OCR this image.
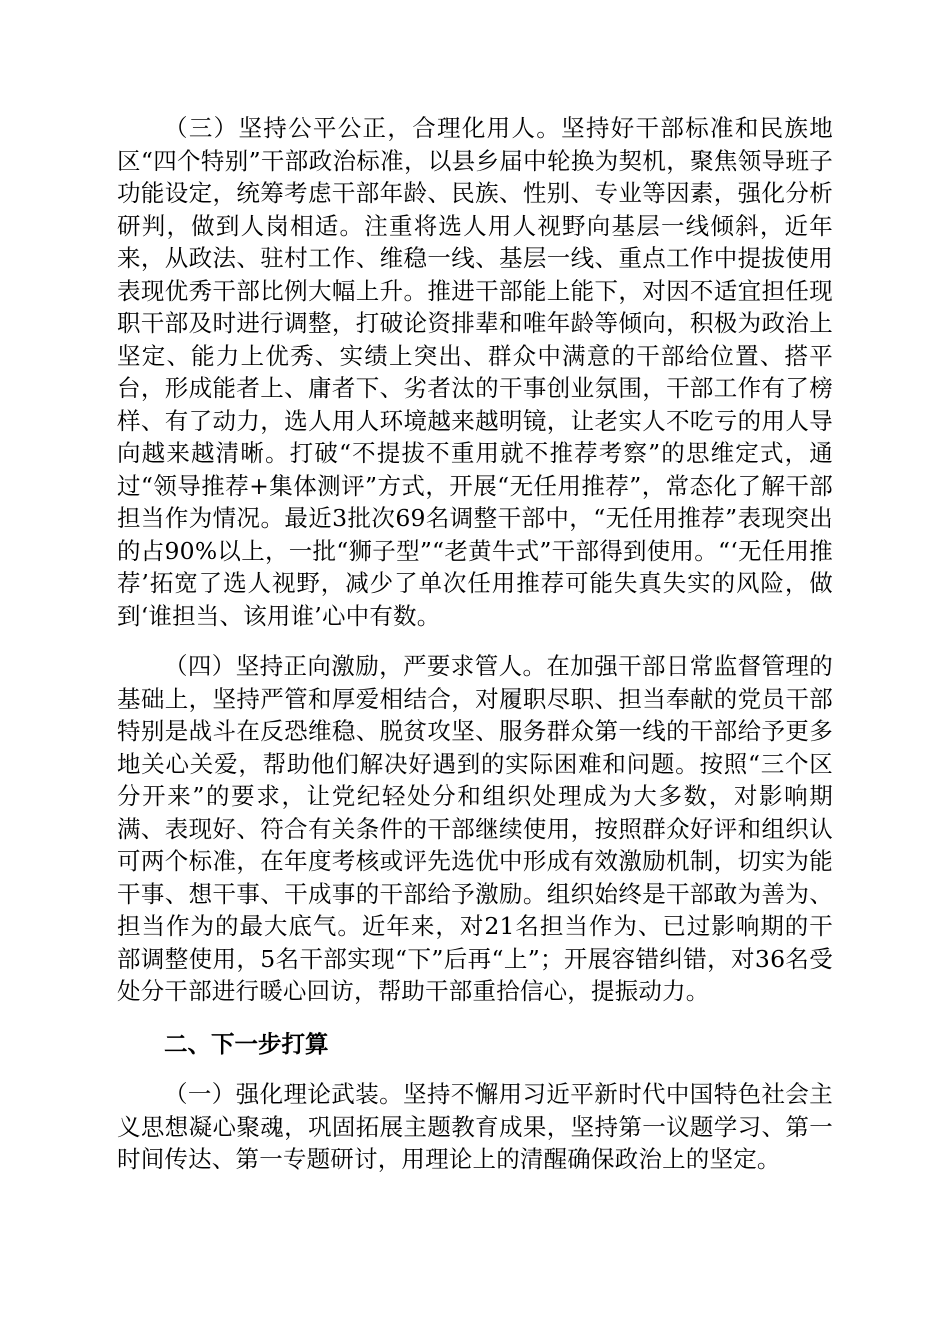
（三）坚持公平公正，合理化用人。坚持好干部标准和民族地区“四个特别”干部政治标准，以县乡届中轮换为契机，聚焦领导班子功能设定，统筹考虑干部年龄、民族、性别、专业等因素，强化分析研判，做到人岗相适。注重将选人用人视野向基层一线倾斜，近年来，从政法、驻村工作、维稳一线、基层一线、重点工作中提拔使用表现优秀干部比例大幅上升。推进干部能上能下，对因不适宜担任现职干部及时进行调整，打破论资排辈和唯年龄等倾向，积极为政治上坚定、能力上优秀、实绩上突出、群众中满意的干部给位置、搭平台，形成能者上、庸者下、劣者汰的干事创业氛围，干部工作有了榜样、有了动力，选人用人环境越来越明镜，让老实人不吃亏的用人导向越来越清晰。打破“不提拔不重用就不推荐考察”的思维定式，通过“领导推荐+集体测评”方式，开展“无任用推荐”，常态化了解干部担当作为情况。最近3批次69名调整干部中，“无任用推荐”表现突出的占90%以上，一批“狮子型”“老黄牛式”干部得到使用。“‘无任用推荐’拓宽了选人视野，减少了单次任用推荐可能失真失实的风险，做到‘谁担当、该用谁’心中有数。

（四）坚持正向激励，严要求管人。在加强干部日常监督管理的基础上，坚持严管和厚爱相结合，对履职尽职、担当奉献的党员干部特别是战斗在反恐维稳、脱贫攻坚、服务群众第一线的干部给予更多地关心关爱，帮助他们解决好遇到的实际困难和问题。按照“三个区分开来”的要求，让党纪轻处分和组织处理成为大多数，对影响期满、表现好、符合有关条件的干部继续使用，按照群众好评和组织认可两个标准，在年度考核或评先选优中形成有效激励机制，切实为能干事、想干事、干成事的干部给予激励。组织始终是干部敢为善为、担当作为的最大底气。近年来，对21名担当作为、已过影响期的干部调整使用，5名干部实现“下”后再“上”；开展容错纠错，对36名受处分干部进行暖心回访，帮助干部重拾信心，提振动力。

二、下一步打算

（一）强化理论武装。坚持不懈用习近平新时代中国特色社会主义思想凝心聚魂，巩固拓展主题教育成果，坚持第一议题学习、第一时间传达、第一专题研讨，用理论上的清醒确保政治上的坚定。
